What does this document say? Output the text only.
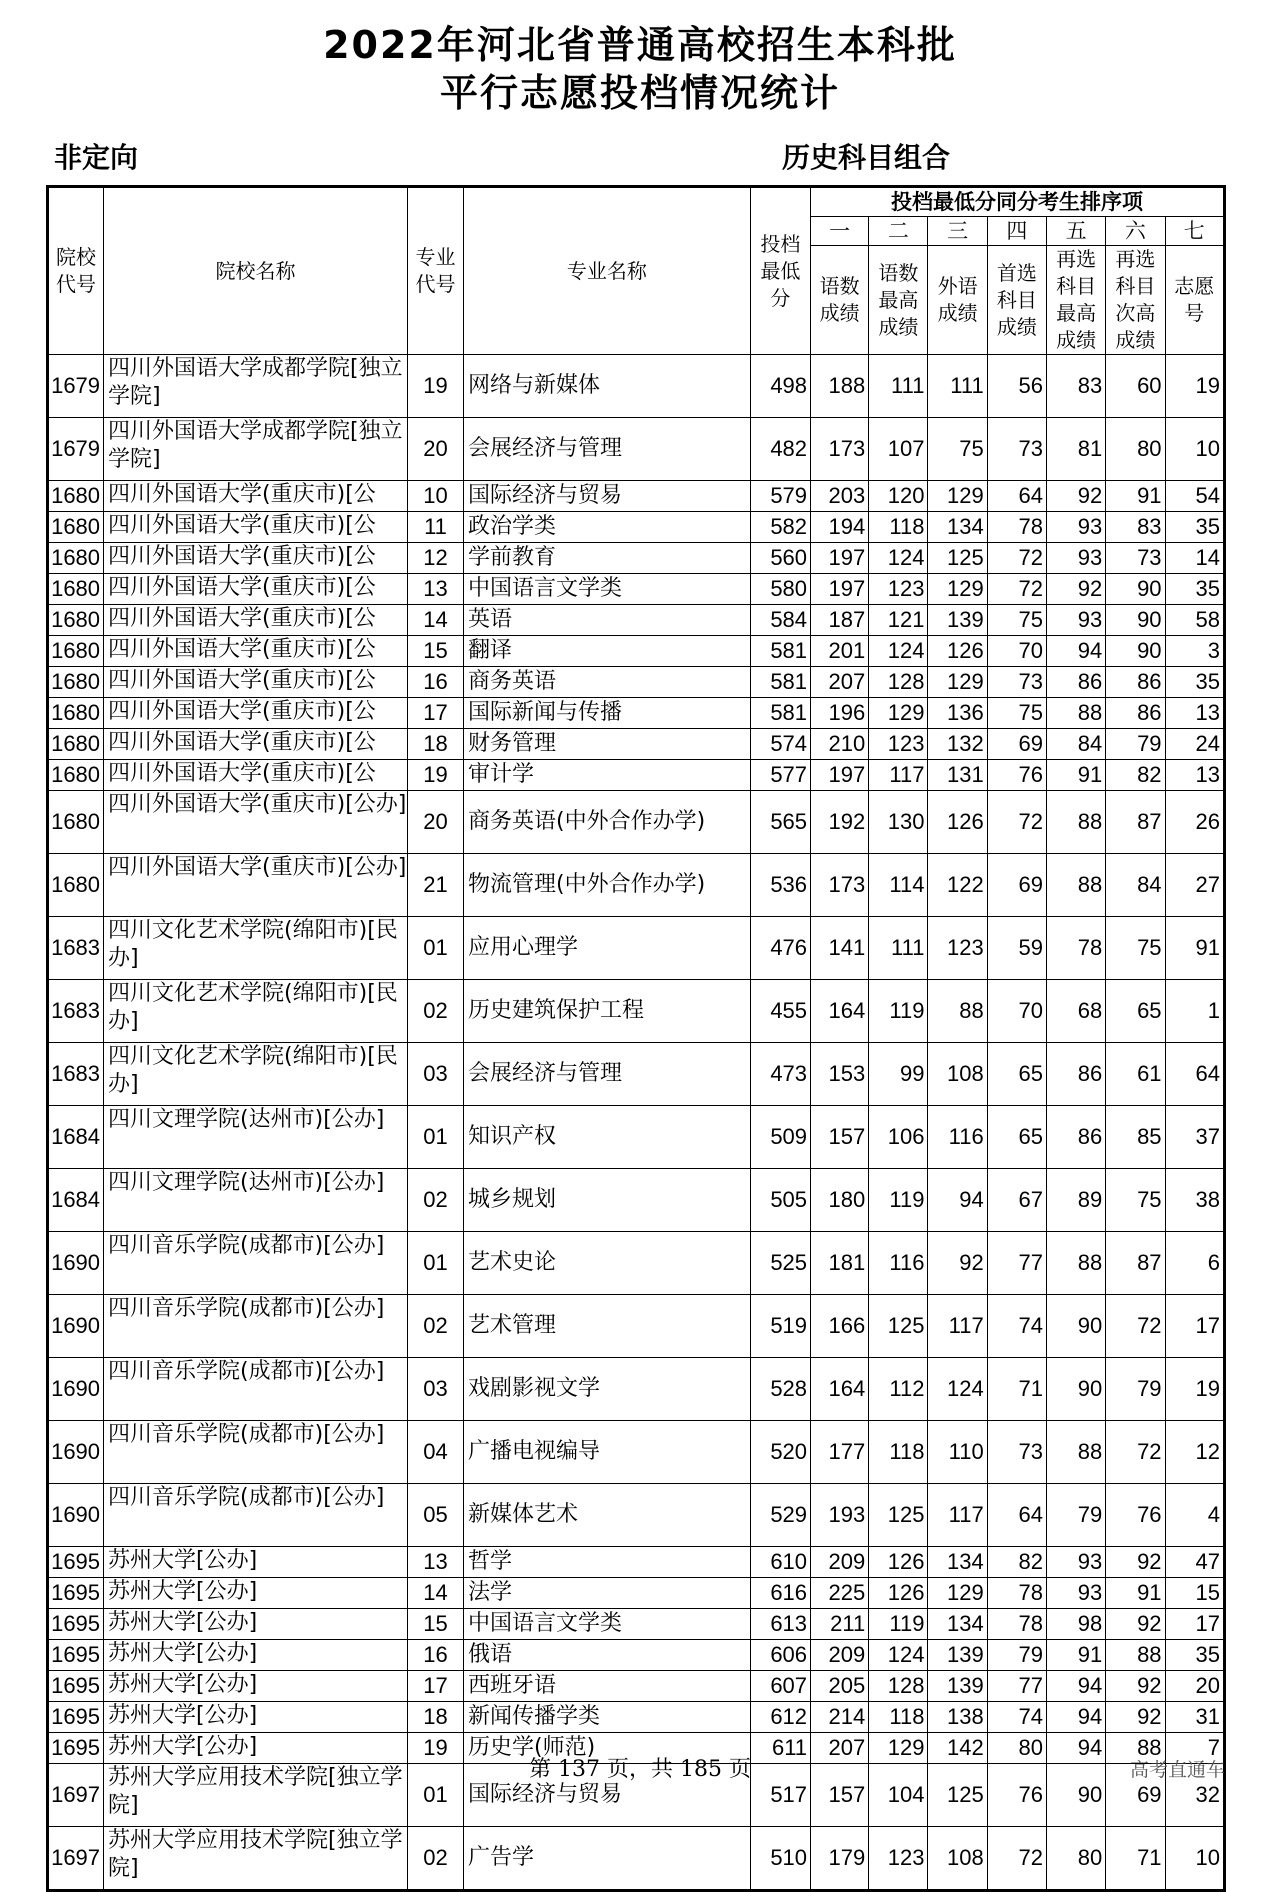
2022年河北省普通高校招生本科批
平行志愿投档情况统计
非定向	历史科目组合
院校代号	院校名称	专业代号	专业名称	投档最低分	投档最低分同分考生排序项						
					一	二	三	四	五	六	七
					语数成绩	语数最高成绩	外语成绩	首选科目成绩	再选科目最高成绩	再选科目次高成绩	志愿号
1679	四川外国语大学成都学院[独立学院]	19	网络与新媒体	498	188	111	111	56	83	60	19
1679	四川外国语大学成都学院[独立学院]	20	会展经济与管理	482	173	107	75	73	81	80	10
1680	四川外国语大学(重庆市)[公	10	国际经济与贸易	579	203	120	129	64	92	91	54
1680	四川外国语大学(重庆市)[公	11	政治学类	582	194	118	134	78	93	83	35
1680	四川外国语大学(重庆市)[公	12	学前教育	560	197	124	125	72	93	73	14
1680	四川外国语大学(重庆市)[公	13	中国语言文学类	580	197	123	129	72	92	90	35
1680	四川外国语大学(重庆市)[公	14	英语	584	187	121	139	75	93	90	58
1680	四川外国语大学(重庆市)[公	15	翻译	581	201	124	126	70	94	90	3
1680	四川外国语大学(重庆市)[公	16	商务英语	581	207	128	129	73	86	86	35
1680	四川外国语大学(重庆市)[公	17	国际新闻与传播	581	196	129	136	75	88	86	13
1680	四川外国语大学(重庆市)[公	18	财务管理	574	210	123	132	69	84	79	24
1680	四川外国语大学(重庆市)[公	19	审计学	577	197	117	131	76	91	82	13
1680	四川外国语大学(重庆市)[公办]	20	商务英语(中外合作办学)	565	192	130	126	72	88	87	26
1680	四川外国语大学(重庆市)[公办]	21	物流管理(中外合作办学)	536	173	114	122	69	88	84	27
1683	四川文化艺术学院(绵阳市)[民办]	01	应用心理学	476	141	111	123	59	78	75	91
1683	四川文化艺术学院(绵阳市)[民办]	02	历史建筑保护工程	455	164	119	88	70	68	65	1
1683	四川文化艺术学院(绵阳市)[民办]	03	会展经济与管理	473	153	99	108	65	86	61	64
1684	四川文理学院(达州市)[公办]	01	知识产权	509	157	106	116	65	86	85	37
1684	四川文理学院(达州市)[公办]	02	城乡规划	505	180	119	94	67	89	75	38
1690	四川音乐学院(成都市)[公办]	01	艺术史论	525	181	116	92	77	88	87	6
1690	四川音乐学院(成都市)[公办]	02	艺术管理	519	166	125	117	74	90	72	17
1690	四川音乐学院(成都市)[公办]	03	戏剧影视文学	528	164	112	124	71	90	79	19
1690	四川音乐学院(成都市)[公办]	04	广播电视编导	520	177	118	110	73	88	72	12
1690	四川音乐学院(成都市)[公办]	05	新媒体艺术	529	193	125	117	64	79	76	4
1695	苏州大学[公办]	13	哲学	610	209	126	134	82	93	92	47
1695	苏州大学[公办]	14	法学	616	225	126	129	78	93	91	15
1695	苏州大学[公办]	15	中国语言文学类	613	211	119	134	78	98	92	17
1695	苏州大学[公办]	16	俄语	606	209	124	139	79	91	88	35
1695	苏州大学[公办]	17	西班牙语	607	205	128	139	77	94	92	20
1695	苏州大学[公办]	18	新闻传播学类	612	214	118	138	74	94	92	31
1695	苏州大学[公办]	19	历史学(师范)	611	207	129	142	80	94	88	7
1697	苏州大学应用技术学院[独立学院]	01	国际经济与贸易	517	157	104	125	76	90	69	32
1697	苏州大学应用技术学院[独立学院]	02	广告学	510	179	123	108	72	80	71	10
第 137 页，共 185 页	高考直通车
